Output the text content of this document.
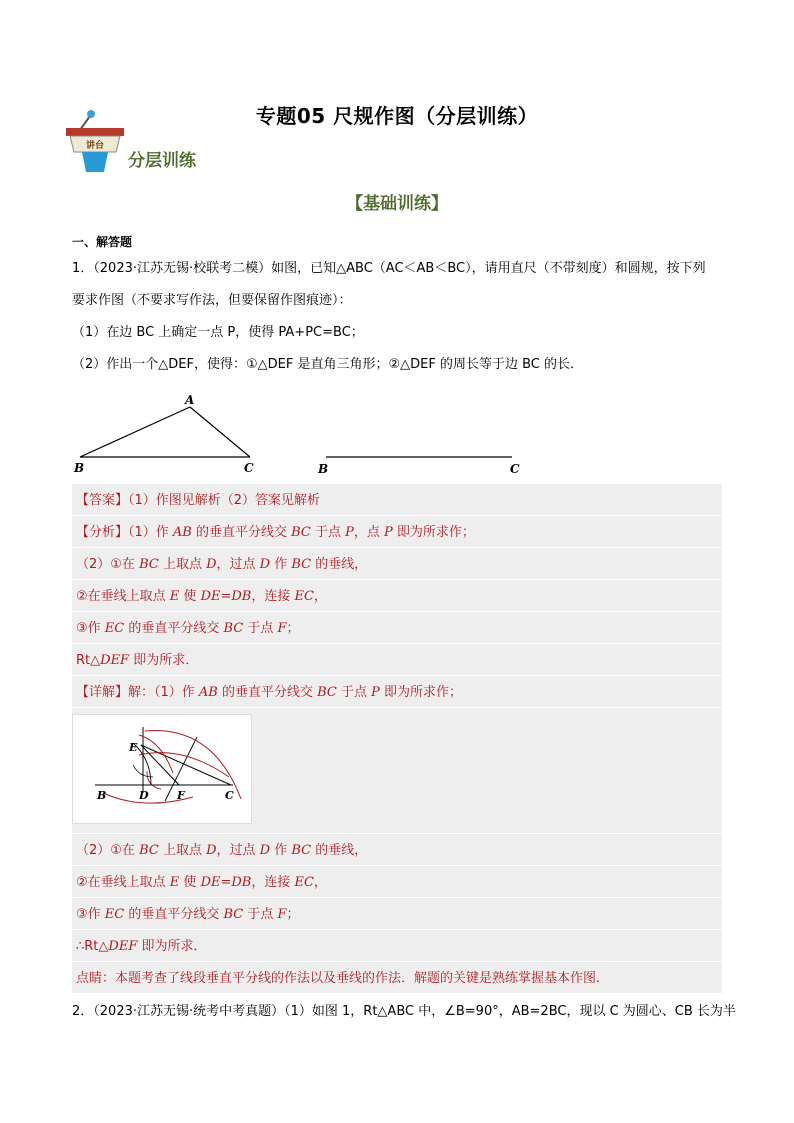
专题05 尺规作图（分层训练）
讲台
分层训练
【基础训练】
一、解答题
1．（2023·江苏无锡·校联考二模）如图，已知△ABC（AC＜AB＜BC），请用直尺（不带刻度）和圆规，按下列
要求作图（不要求写作法，但要保留作图痕迹）：
（1）在边 BC 上确定一点 P，使得 PA+PC=BC；
（2）作出一个△DEF，使得：①△DEF 是直角三角形；②△DEF 的周长等于边 BC 的长．
A
B	C	B	C
【答案】（1）作图见解析（2）答案见解析
【分析】（1）作 AB 的垂直平分线交 BC 于点 P，点 P 即为所求作；
（2）①在 BC 上取点 D，过点 D 作 BC 的垂线，
②在垂线上取点 E 使 DE=DB，连接 EC，
③作 EC 的垂直平分线交 BC 于点 F；
Rt△DEF 即为所求．
【详解】解：（1）作 AB 的垂直平分线交 BC 于点 P 即为所求作；
E
B	D	F	C
（2）①在 BC 上取点 D，过点 D 作 BC 的垂线，
②在垂线上取点 E 使 DE=DB，连接 EC，
③作 EC 的垂直平分线交 BC 于点 F；
∴Rt△DEF 即为所求．
点睛：本题考查了线段垂直平分线的作法以及垂线的作法．解题的关键是熟练掌握基本作图．
2．（2023·江苏无锡·统考中考真题）（1）如图 1，Rt△ABC 中，∠B=90°，AB=2BC，现以 C 为圆心、CB 长为半
